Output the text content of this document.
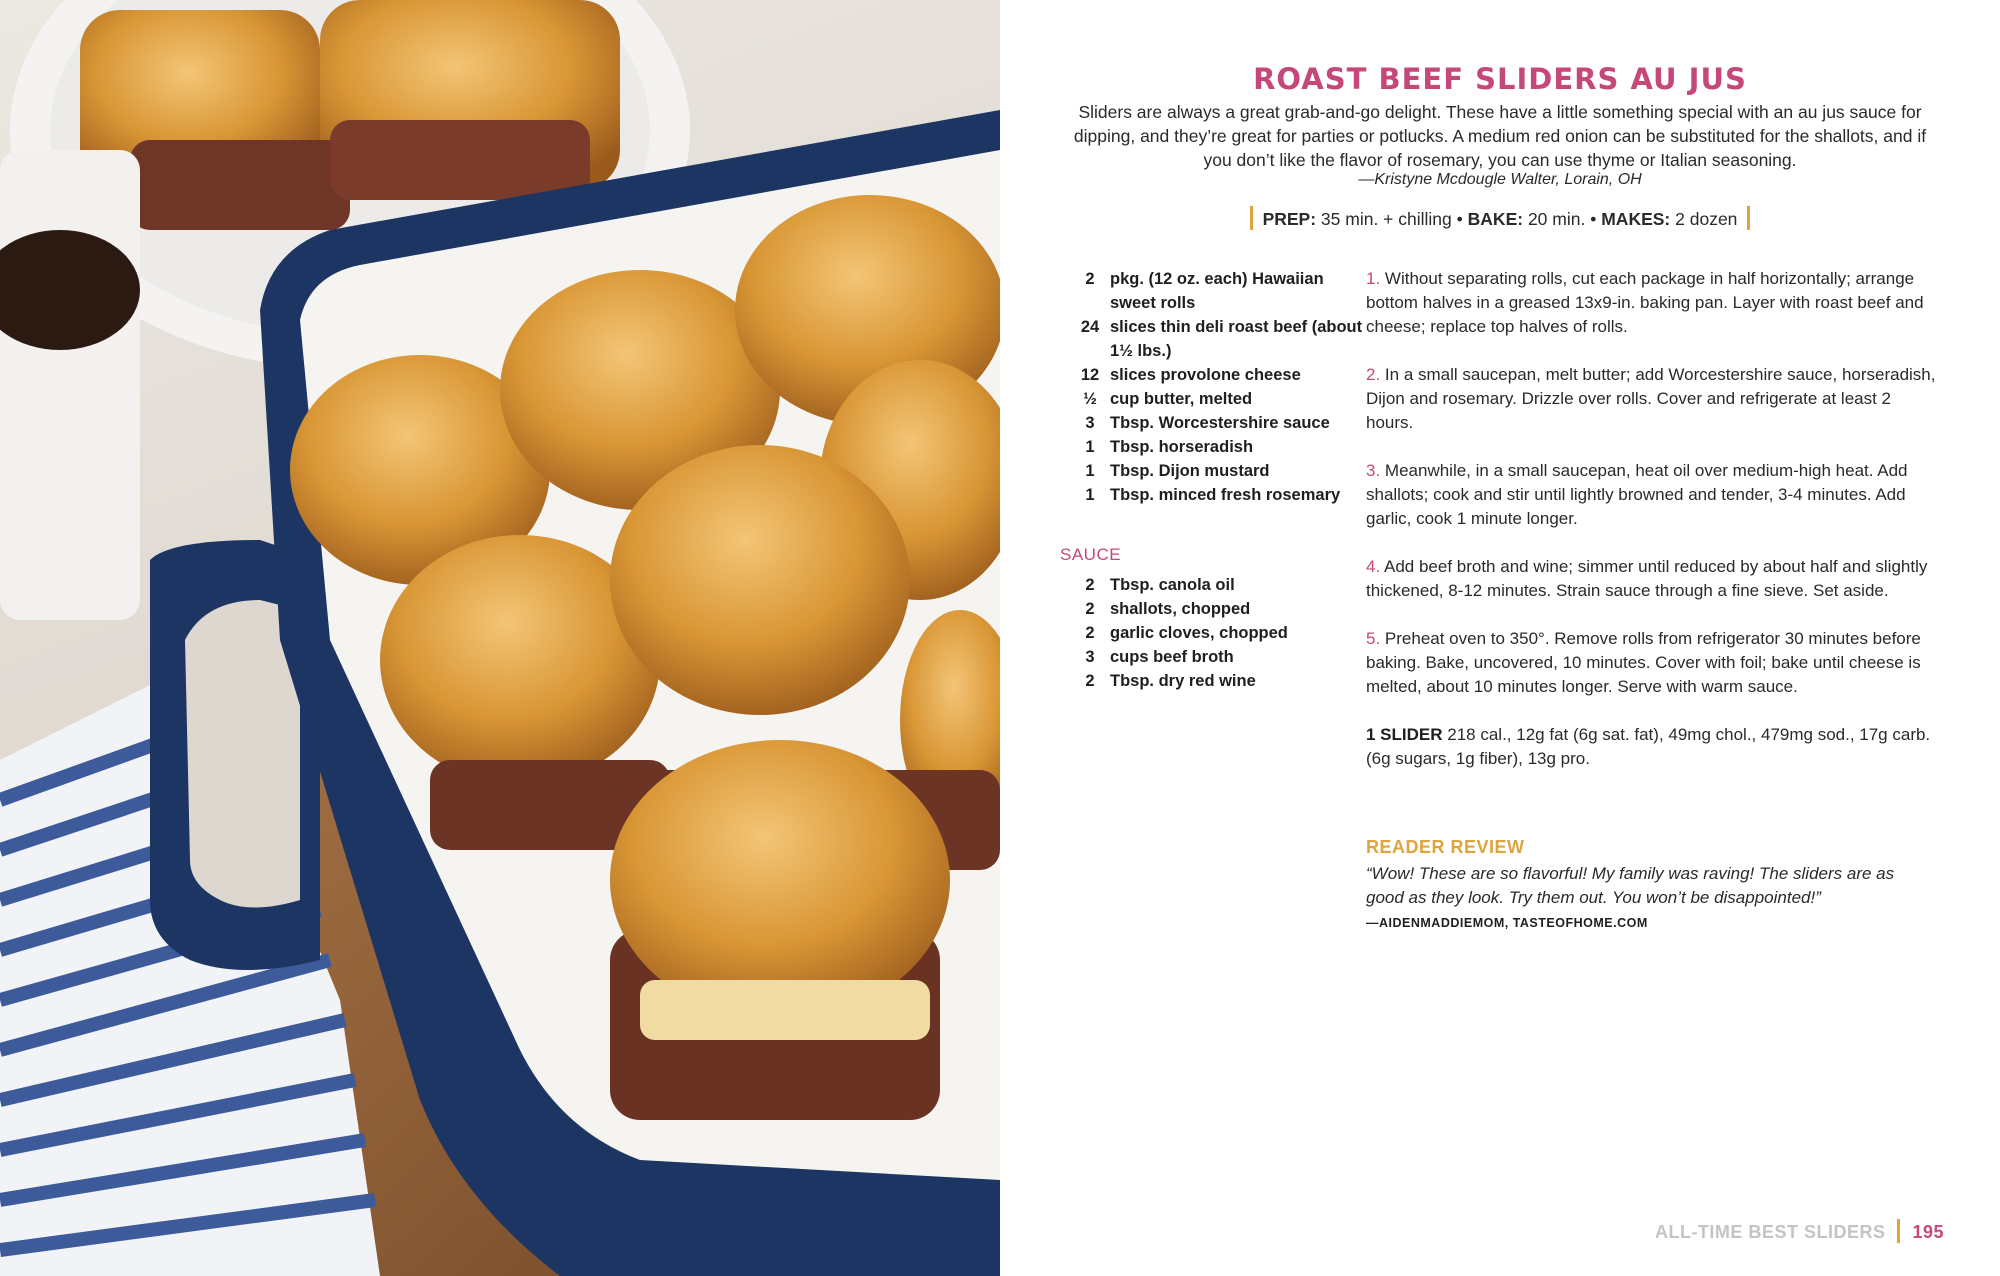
ROAST BEEF SLIDERS AU JUS

Sliders are always a great grab-and-go delight. These have a little something special with an au jus sauce for dipping, and they’re great for parties or potlucks. A medium red onion can be substituted for the shallots, and if you don’t like the flavor of rosemary, you can use thyme or Italian seasoning.

—Kristyne Mcdougle Walter, Lorain, OH
PREP: 35 min. + chilling • BAKE: 20 min. • MAKES: 2 dozen
2 pkg. (12 oz. each) Hawaiian sweet rolls
24 slices thin deli roast beef (about 1½ lbs.)
12 slices provolone cheese
½ cup butter, melted
3 Tbsp. Worcestershire sauce
1 Tbsp. horseradish
1 Tbsp. Dijon mustard
1 Tbsp. minced fresh rosemary
SAUCE
2 Tbsp. canola oil
2 shallots, chopped
2 garlic cloves, chopped
3 cups beef broth
2 Tbsp. dry red wine

1. Without separating rolls, cut each package in half horizontally; arrange bottom halves in a greased 13x9-in. baking pan. Layer with roast beef and cheese; replace top halves of rolls.

2. In a small saucepan, melt butter; add Worcestershire sauce, horseradish, Dijon and rosemary. Drizzle over rolls. Cover and refrigerate at least 2 hours.

3. Meanwhile, in a small saucepan, heat oil over medium-high heat. Add shallots; cook and stir until lightly browned and tender, 3-4 minutes. Add garlic, cook 1 minute longer.

4. Add beef broth and wine; simmer until reduced by about half and slightly thickened, 8-12 minutes. Strain sauce through a fine sieve. Set aside.

5. Preheat oven to 350°. Remove rolls from refrigerator 30 minutes before baking. Bake, uncovered, 10 minutes. Cover with foil; bake until cheese is melted, about 10 minutes longer. Serve with warm sauce.

1 SLIDER 218 cal., 12g fat (6g sat. fat), 49mg chol., 479mg sod., 17g carb. (6g sugars, 1g fiber), 13g pro.

READER REVIEW

“Wow! These are so flavorful! My family was raving! The sliders are as good as they look. Try them out. You won’t be disappointed!”

—AIDENMADDIEMOM, TASTEOFHOME.COM
ALL-TIME BEST SLIDERS 195
